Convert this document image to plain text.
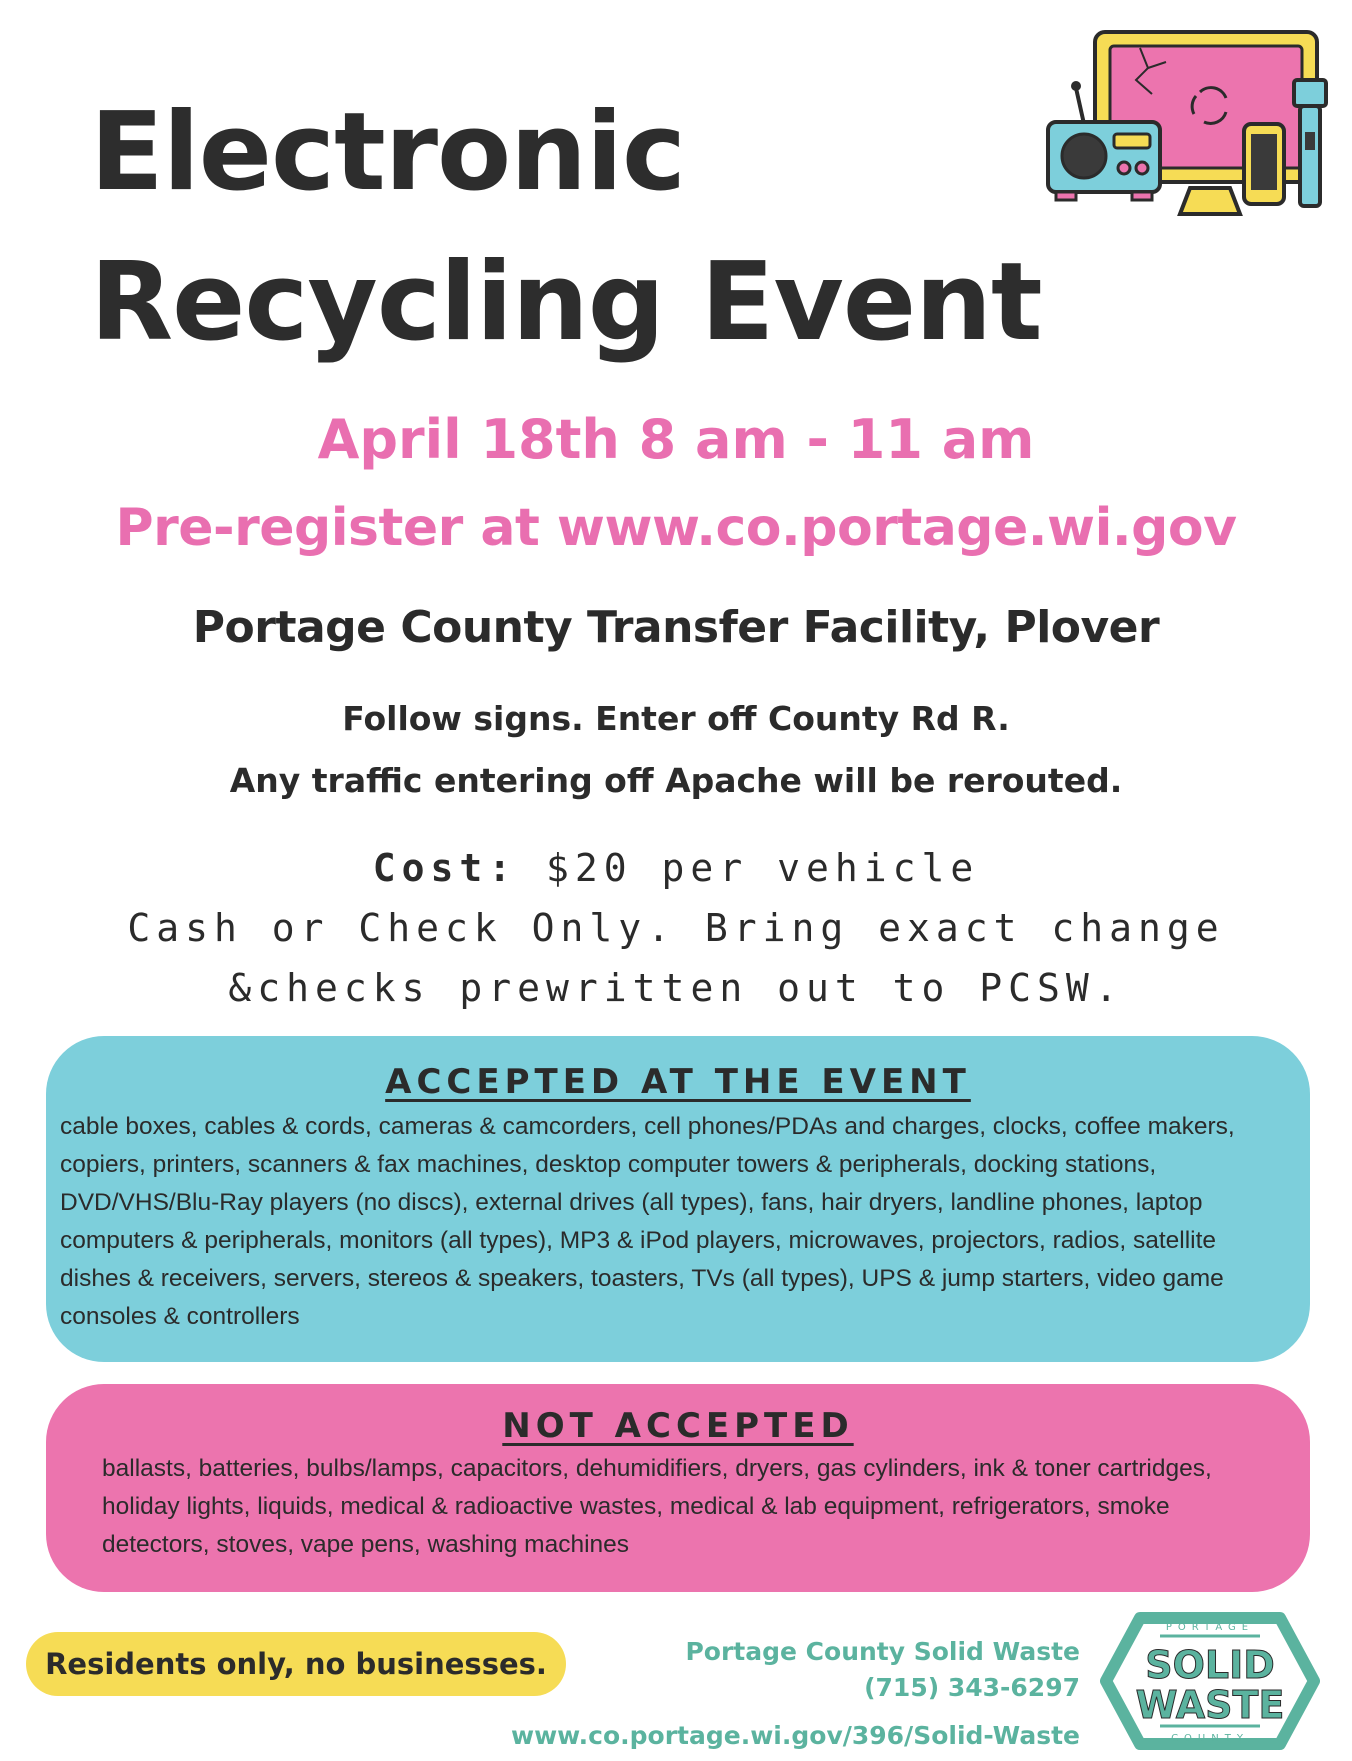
Electronic
Recycling Event
April 18th 8 am - 11 am
Pre-register at www.co.portage.wi.gov
Portage County Transfer Facility, Plover
Follow signs. Enter off County Rd R.
Any traffic entering off Apache will be rerouted.
Cost: $20 per vehicle
Cash or Check Only. Bring exact change
&checks prewritten out to PCSW.
ACCEPTED AT THE EVENT
cable boxes, cables & cords, cameras & camcorders, cell phones/PDAs and charges, clocks, coffee makers, copiers, printers, scanners & fax machines, desktop computer towers & peripherals, docking stations, DVD/VHS/Blu-Ray players (no discs), external drives (all types), fans, hair dryers, landline phones, laptop computers & peripherals, monitors (all types), MP3 & iPod players, microwaves, projectors, radios, satellite dishes & receivers, servers, stereos & speakers, toasters, TVs (all types), UPS & jump starters, video game consoles & controllers
NOT ACCEPTED
ballasts, batteries, bulbs/lamps, capacitors, dehumidifiers, dryers, gas cylinders, ink & toner cartridges, holiday lights, liquids, medical & radioactive wastes, medical & lab equipment, refrigerators, smoke detectors, stoves, vape pens, washing machines
Residents only, no businesses.	Portage County Solid Waste
(715) 343-6297
www.co.portage.wi.gov/396/Solid-Waste
PORTAGE
SOLID
WASTE
COUNTY
